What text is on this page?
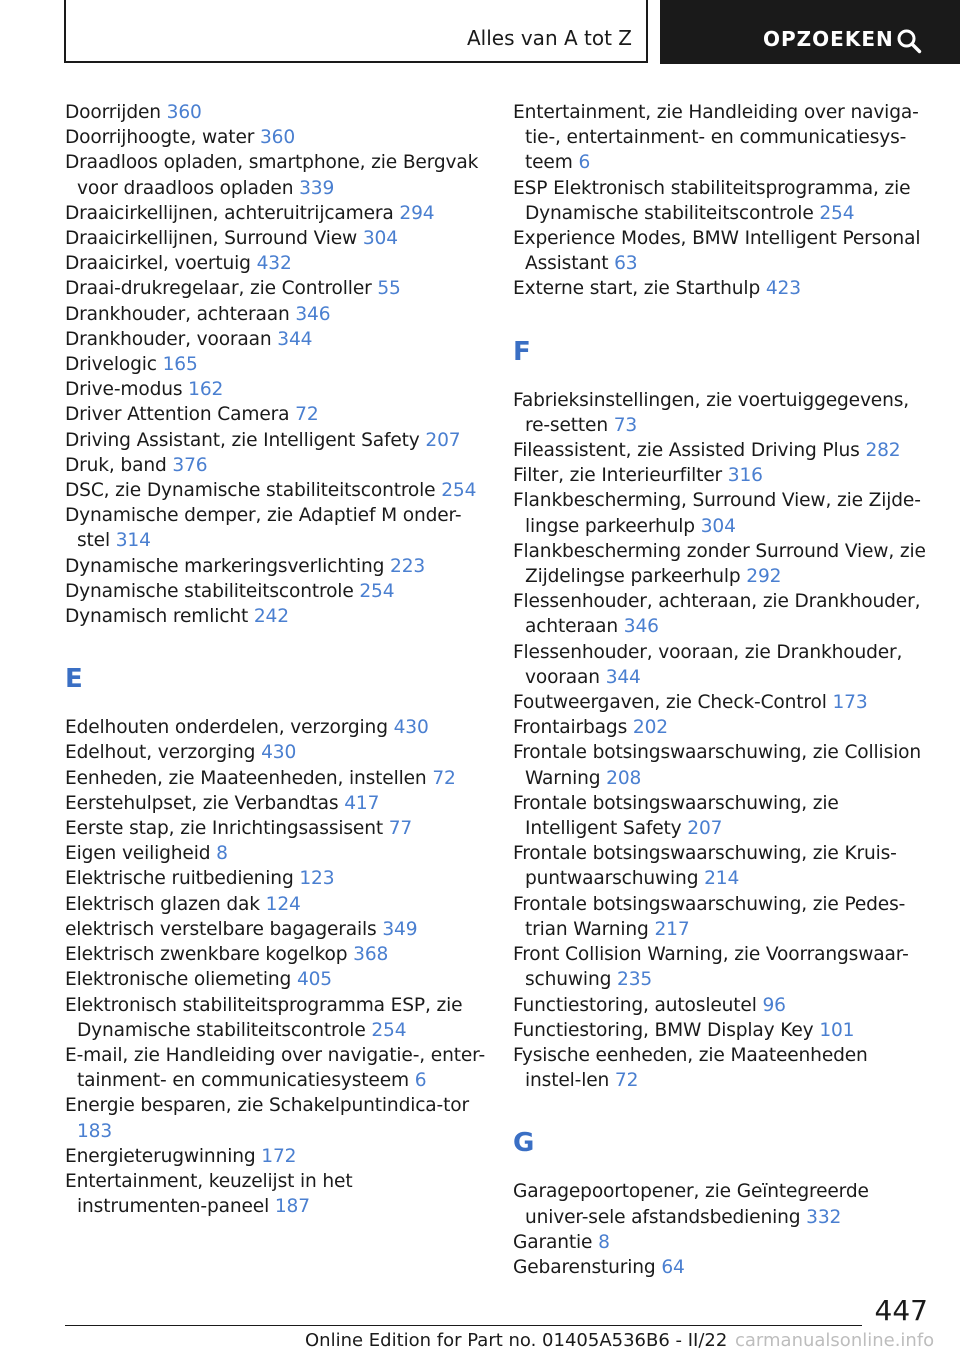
Alles van A tot Z	OPZOEKEN
Doorrijden 360
Doorrijhoogte, water 360
Draadloos opladen, smartphone, zie Bergvak voor draadloos opladen 339
Draaicirkellijnen, achteruitrijcamera 294
Draaicirkellijnen, Surround View 304
Draaicirkel, voertuig 432
Draai-drukregelaar, zie Controller 55
Drankhouder, achteraan 346
Drankhouder, vooraan 344
Drivelogic 165
Drive-modus 162
Driver Attention Camera 72
Driving Assistant, zie Intelligent Safety 207
Druk, band 376
DSC, zie Dynamische stabiliteitscontrole 254
Dynamische demper, zie Adaptief M onder-stel 314
Dynamische markeringsverlichting 223
Dynamische stabiliteitscontrole 254
Dynamisch remlicht 242
E
Edelhouten onderdelen, verzorging 430
Edelhout, verzorging 430
Eenheden, zie Maateenheden, instellen 72
Eerstehulpset, zie Verbandtas 417
Eerste stap, zie Inrichtingsassisent 77
Eigen veiligheid 8
Elektrische ruitbediening 123
Elektrisch glazen dak 124
elektrisch verstelbare bagagerails 349
Elektrisch zwenkbare kogelkop 368
Elektronische oliemeting 405
Elektronisch stabiliteitsprogramma ESP, zie Dynamische stabiliteitscontrole 254
E-mail, zie Handleiding over navigatie-, enter-tainment- en communicatiesysteem 6
Energie besparen, zie Schakelpuntindica-tor 183
Energieterugwinning 172
Entertainment, keuzelijst in het instrumenten-paneel 187
Entertainment, zie Handleiding over naviga-tie-, entertainment- en communicatiesys-teem 6
ESP Elektronisch stabiliteitsprogramma, zie Dynamische stabiliteitscontrole 254
Experience Modes, BMW Intelligent Personal Assistant 63
Externe start, zie Starthulp 423
F
Fabrieksinstellingen, zie voertuiggegevens, re-setten 73
Fileassistent, zie Assisted Driving Plus 282
Filter, zie Interieurfilter 316
Flankbescherming, Surround View, zie Zijde-lingse parkeerhulp 304
Flankbescherming zonder Surround View, zie Zijdelingse parkeerhulp 292
Flessenhouder, achteraan, zie Drankhouder, achteraan 346
Flessenhouder, vooraan, zie Drankhouder, vooraan 344
Foutweergaven, zie Check-Control 173
Frontairbags 202
Frontale botsingswaarschuwing, zie Collision Warning 208
Frontale botsingswaarschuwing, zie Intelligent Safety 207
Frontale botsingswaarschuwing, zie Kruis-puntwaarschuwing 214
Frontale botsingswaarschuwing, zie Pedes-trian Warning 217
Front Collision Warning, zie Voorrangswaar-schuwing 235
Functiestoring, autosleutel 96
Functiestoring, BMW Display Key 101
Fysische eenheden, zie Maateenheden instel-len 72
G
Garagepoortopener, zie Geïntegreerde univer-sele afstandsbediening 332
Garantie 8
Gebarensturing 64
447
Online Edition for Part no. 01405A536B6 - II/22 carmanualsonline.info
